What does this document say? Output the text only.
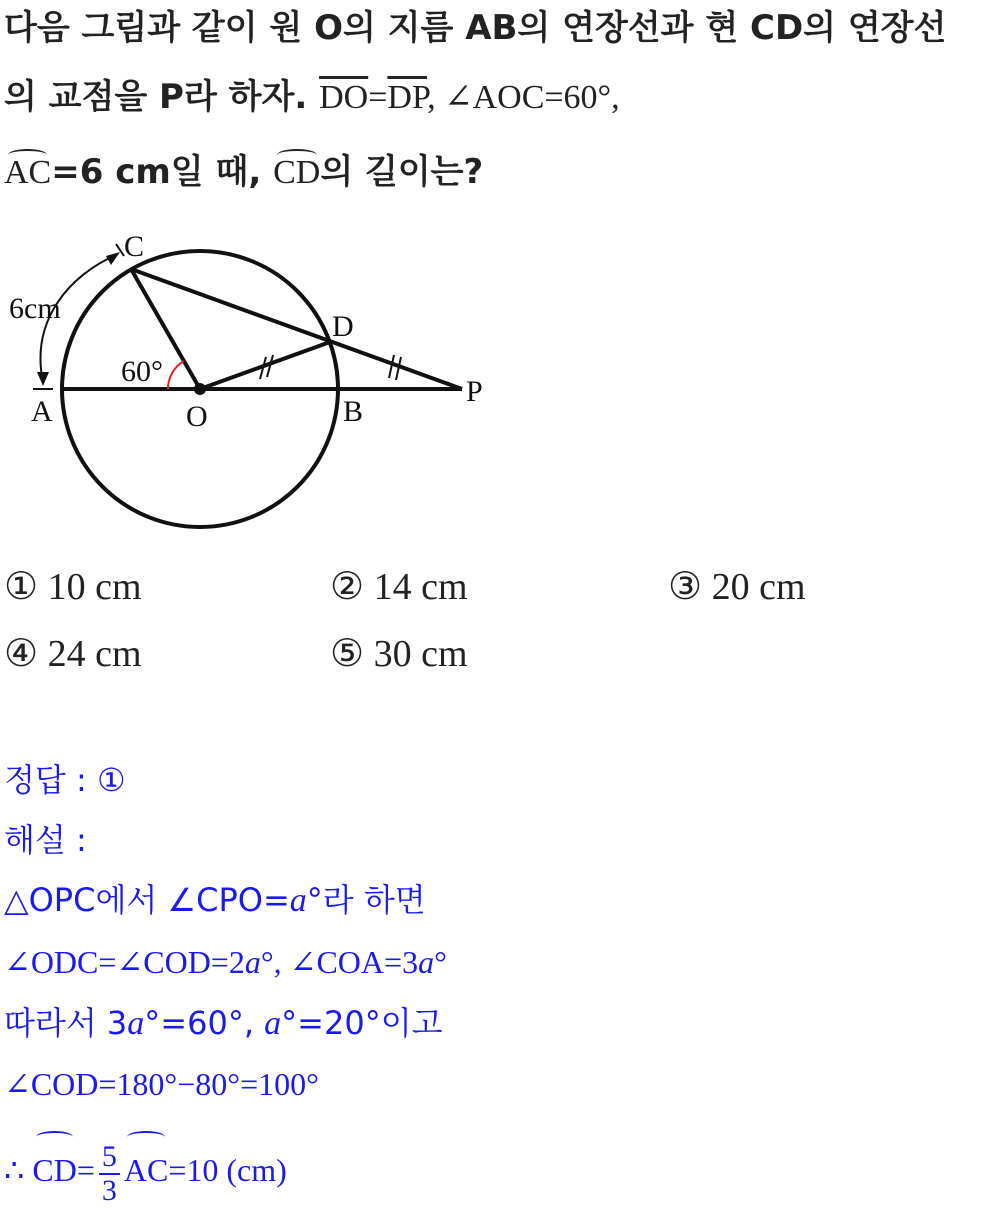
다음 그림과 같이 원 O의 지름 AB의 연장선과 현 CD의 연장선
의 교점을 P라 하자. $\overline{DO}=\overline{DP}$, ∠AOC=60°,
AC=6 cm일 때, CD의 길이는?
C
D
A	O	B
P
6cm
60°
① 10 cm	② 14 cm	③ 20 cm
④ 24 cm	⑤ 30 cm
정답 : ①
해설 :
△OPC에서 ∠CPO=a°라 하면
∠ODC=∠COD=2a°, ∠COA=3a°
따라서 3a°=60°, a°=20°이고
∠COD=180°−80°=100°
∴ $CD= \frac{5}{3} AC=10$ (cm)
